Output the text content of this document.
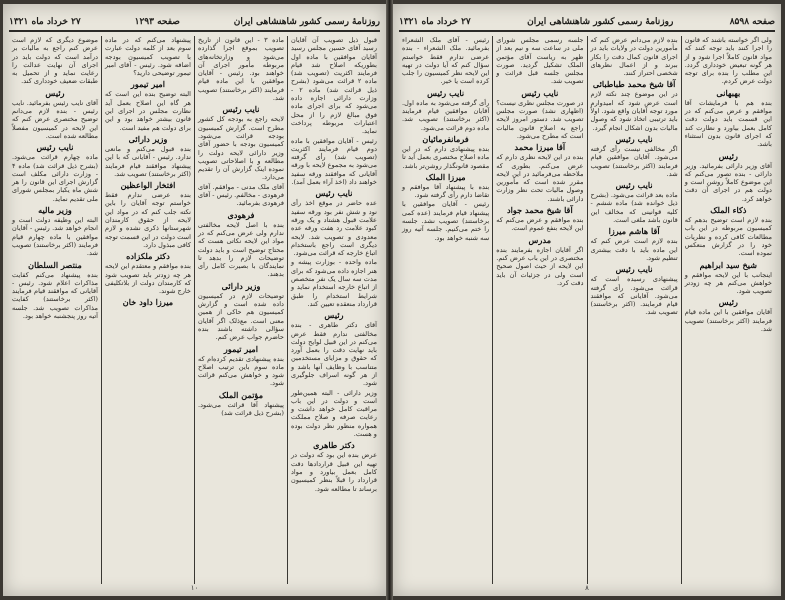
روزنامهٔ رسمی کشور شاهنشاهی ایران
صفحه ۱۲۹۳
۲۷ خرداد ماه ۱۳۲۱

قبول ذیل تصویب آن آقایان رسید آقای حسین مجلس رسید آقایان موافقین با ماده اول بطوریکه اصلاح شد قیام فرمایند اکثریت (تصویب شد) ماده ۲ قرائت می‌شود (بشرح ذیل قرائت شد) ماده ۲ - وزارت دارائی اجازه داده می‌شود که برای اجرای ماده فوق مبالغ لازم را از محل اعتبارات مربوطه پرداخت نماید.

رئیس - آقایان موافقین با ماده دوم قیام فرمایند اکثریت (تصویب شد) رأی گرفته می‌شود به مجموع لایحه با ورقه آقایانی که موافقند ورقه سفید خواهند داد (اخذ آراء بعمل آمد).

نایب رئیس

عده حاضر در موقع اخذ رأی نود و شش نفر بود ورقه سفید علامت قبول هشتاد و یک ورقه کبود علامت رد هفت ورقه عده معدودی و تصویب شد. لایحه دیگری است راجع باستخدام اتباع خارجه که قرائت می‌شود.

ماده واحده - بوزارت پیشه و هنر اجازه داده می‌شود که برای مدت سه سال یک نفر متخصص از اتباع خارجه استخدام نماید و شرایط استخدام را طبق قرارداد منعقده تعیین کند.

رئیس

آقای دکتر طاهری - بنده مخالفتی ندارم فقط عرض می‌کنم در این قبیل لوایح دولت باید نهایت دقت را بعمل آورد که حقوق و مزایای مستخدمین متناسب با وظایف آنها باشد و از هر گونه اسراف جلوگیری شود.

وزیر دارائی - البته همین‌طور است و دولت در این باب مراقبت کامل خواهد داشت و رعایت صرفه و صلاح مملکت همواره منظور نظر دولت بوده و هست.

دکتر طاهری

عرض بنده این بود که دولت در تهیه این قبیل قراردادها دقت کامل بعمل بیاورد و مواد قرارداد را قبلاً بنظر کمیسیون برساند تا مطالعه شود.

ماده ۳ - این قانون از تاریخ تصویب بموقع اجرا گذارده می‌شود و وزارتخانه‌های مربوطه مأمور اجرای آن خواهند بود. رئیس - آقایان موافقین با این ماده قیام فرمایند (اکثر برخاستند) تصویب شد.

نایب رئیس

لایحه راجع به بودجه کل کشور مطرح است. گزارش کمیسیون بودجه قرائت می‌شود. کمیسیون بودجه با حضور آقای وزیر دارائی لایحه دولت را مطالعه و با اصلاحاتی تصویب نموده اینک گزارش آن را تقدیم می‌دارد.

آقای ملک مدنی - موافقم. آقای فرهودی - مخالفم. رئیس - آقای فرهودی بفرمائید.

فرهودی

بنده با اصل لایحه مخالفتی ندارم ولی عرض می‌کنم که در مواد این لایحه نکاتی هست که محتاج توضیح است و باید دولت توضیحات لازم را بدهد تا نمایندگان با بصیرت کامل رأی بدهند.

وزیر دارائی

توضیحات لازم در کمیسیون داده شده است و گزارش کمیسیون هم حاکی از همین معنی است. مع‌ذلک اگر آقایان سؤالی داشته باشند بنده حاضرم جواب عرض کنم.

امیر تیمور

بنده پیشنهادی تقدیم کرده‌ام که ماده سوم باین ترتیب اصلاح شود و خواهش می‌کنم قرائت شود.

مؤتمن الملک

پیشنهاد آقا قرائت می‌شود. (بشرح ذیل قرائت شد)

پیشنهاد می‌کنم که در ماده سوم بعد از کلمه دولت عبارت با تصویب کمیسیون بودجه اضافه شود. رئیس - آقای امیر تیمور توضیحی دارید؟

امیر تیمور

البته توضیح بنده این است که هر گاه این اصلاح بعمل آید نظارت مجلس در اجرای این قانون بیشتر خواهد بود و این برای دولت هم مفید است.

وزیر دارائی

بنده قبول می‌کنم و مانعی ندارد. رئیس - آقایانی که با این پیشنهاد موافقند قیام فرمایند (اکثر برخاستند) تصویب شد.

افتخار الواعظین

بنده عرضی ندارم فقط خواستم توجه آقایان را باین نکته جلب کنم که در مواد این لایحه از حقوق کارمندان شهرستانها ذکری نشده و لازم است دولت در این قسمت توجه کافی مبذول دارد.

دکتر ملکزاده

بنده موافقم و معتقدم این لایحه هر چه زودتر باید تصویب شود که کارمندان دولت از بلاتکلیفی خارج شوند.

میرزا داود خان

موضوع دیگری که لازم است عرض کنم راجع به مالیات بر درآمد است که دولت باید در اجرای آن نهایت عدالت را رعایت نماید و از تحمیل به طبقات ضعیف خودداری کند.

رئیس

آقای نایب رئیس بفرمائید. نایب رئیس - بنده لازم می‌دانم توضیح مختصری عرض کنم که این لایحه در کمیسیون مفصلاً مطالعه شده است.

نایب رئیس

ماده چهارم قرائت می‌شود. (بشرح ذیل قرائت شد) ماده ۴ - وزارت دارائی مکلف است گزارش اجرای این قانون را هر شش ماه یکبار بمجلس شورای ملی تقدیم نماید.

وزیر مالیه

البته این وظیفه دولت است و انجام خواهد شد. رئیس - آقایان موافقین با ماده چهارم قیام فرمایند (اکثر برخاستند) تصویب شد.

منتصر السلطان

بنده پیشنهاد می‌کنم کفایت مذاکرات اعلام شود. رئیس - آقایانی که موافقند قیام فرمایند (اکثر برخاستند) کفایت مذاکرات تصویب شد. جلسه آتیه روز پنجشنبه خواهد بود.

۱۰
صفحه ۸۵۹۸
روزنامهٔ رسمی کشور شاهنشاهی ایران
۲۷ خرداد ماه ۱۳۲۱

ولی اگر خواسته باشند که قانون را اجرا کنند باید توجه کنند که مواد قانون کاملاً اجرا شود و از هر گونه تبعیض خودداری گردد. این مطلب را بنده برای توجه دولت عرض کردم.

بهبهانی

بنده هم با فرمایشات آقا موافقم و عرض می‌کنم که در این قسمت باید دولت دقت کامل بعمل بیاورد و نظارت کند که اجرای قانون بدون استثناء باشد.

رئیس

آقای وزیر دارائی بفرمائید. وزیر دارائی - بنده تصور می‌کنم که این موضوع کاملاً روشن است و دولت هم در اجرای آن دقت خواهد کرد.

ذکاء الملک

بنده لازم است توضیح بدهم که کمیسیون مربوطه در این باب مطالعات کافی کرده و نظریات خود را در گزارش منعکس نموده است.

شیخ سید ابراهیم

اینجانب با این لایحه موافقم و خواهش می‌کنم هر چه زودتر تصویب شود.

رئیس

آقایان موافقین با این ماده قیام فرمایند (اکثر برخاستند) تصویب شد.

بنده لازم می‌دانم عرض کنم که مأمورین دولت در ولایات باید در اجرای قانون کمال دقت را بکار ببرند و از اعمال نظرهای شخصی احتراز کنند.

آقا شیخ محمد طباطبائی

در این موضوع چند نکته لازم است عرض شود که امیدوارم مورد توجه آقایان واقع شود. اولاً باید ترتیبی اتخاذ شود که وصول مالیات بدون اشکال انجام گیرد.

نایب رئیس

اگر مخالفی نیست رأی گرفته می‌شود. آقایان موافقین قیام فرمایند (اکثر برخاستند) تصویب شد.

نایب رئیس

ماده بعد قرائت می‌شود. (بشرح ذیل خوانده شد) ماده ششم - کلیه قوانینی که مخالف این قانون باشد ملغی است.

آقا هاشم میرزا

بنده لازم است عرض کنم که این ماده باید با دقت بیشتری تنظیم شود.

نایب رئیس

پیشنهادی رسیده است که قرائت می‌شود. رأی گرفته می‌شود. آقایانی که موافقند قیام فرمایند. (اکثر برخاستند) تصویب شد.

جلسه رسمی مجلس شورای ملی در ساعت سه و نیم بعد از ظهر به ریاست آقای مؤتمن الملک تشکیل گردید. صورت مجلس جلسه قبل قرائت و تصویب شد.

نایب رئیس

در صورت مجلس نظری نیست؟ (اظهاری نشد) صورت مجلس تصویب شد. دستور امروز لایحه راجع به اصلاح قانون مالیات است که مطرح می‌شود.

آقا میرزا محمد

بنده در این لایحه نظری دارم که عرض می‌کنم. بطوری که ملاحظه می‌فرمائید در این لایحه مقرر شده است که مأمورین وصول مالیات تحت نظر وزارت دارائی باشند.

آقا شیخ محمد جواد

بنده موافقم و عرض می‌کنم که این لایحه بنفع عموم است.

مدرس

اگر آقایان اجازه بفرمایند بنده مختصری در این باب عرض کنم. این لایحه از حیث اصول صحیح است ولی در جزئیات آن باید دقت کرد.

رئیس - آقای ملک الشعراء بفرمائید. ملک الشعراء - بنده عرضی ندارم فقط خواستم سؤال کنم که آیا دولت در تهیه این لایحه نظر کمیسیون را جلب کرده است یا خیر.

نایب رئیس

رأی گرفته می‌شود به ماده اول. آقایان موافقین قیام فرمایند (اکثر برخاستند) تصویب شد. ماده دوم قرائت می‌شود.

فرمانفرمائیان

بنده پیشنهادی دارم که در این ماده اصلاح مختصری بعمل آید تا مقصود قانونگذار روشن‌تر باشد.

میرزا الملک

بنده با پیشنهاد آقا موافقم و تقاضا دارم رأی گرفته شود.

رئیس - آقایان موافقین با پیشنهاد قیام فرمایند (عده کمی برخاستند) تصویب نشد. جلسه را ختم می‌کنیم. جلسه آتیه روز سه شنبه خواهد بود.

۸
